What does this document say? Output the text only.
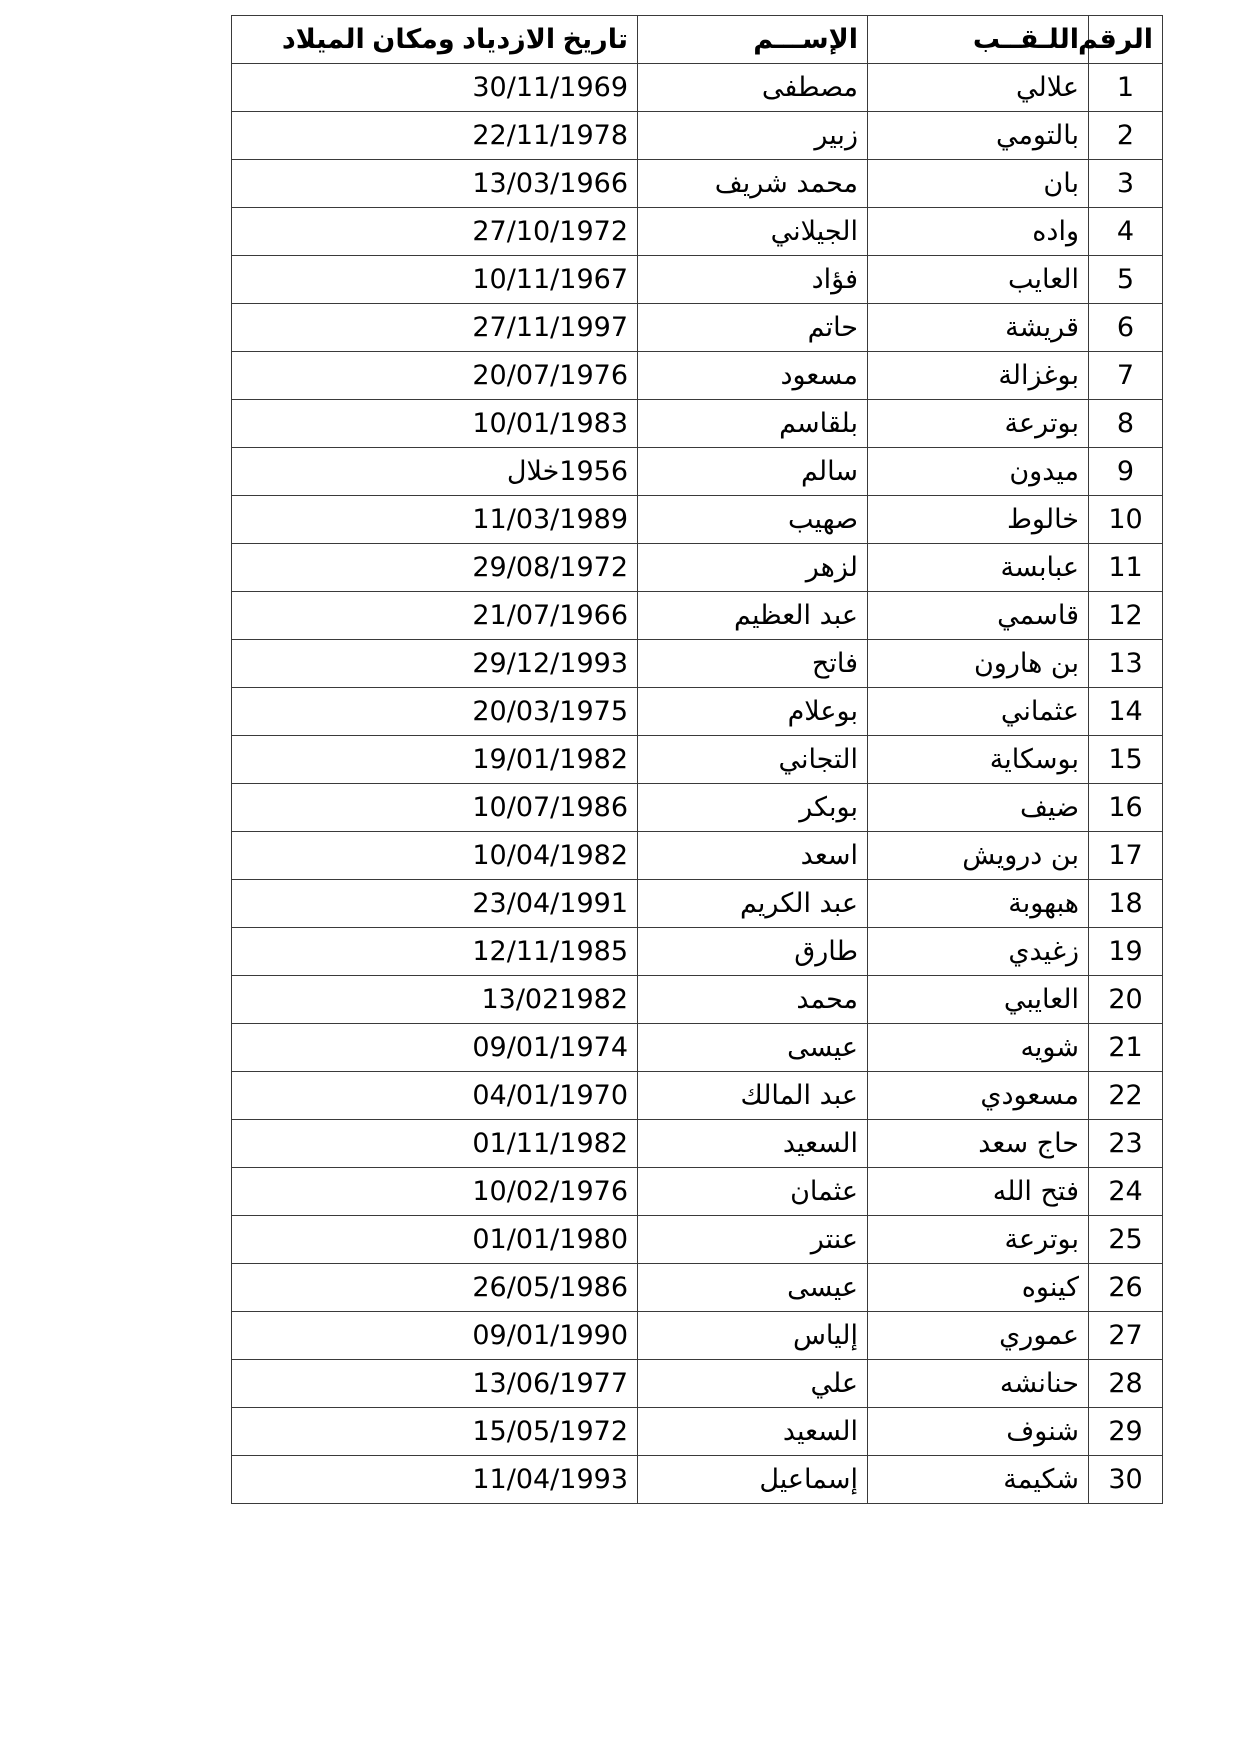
الرقم	اللـقــب	الإســـم	تاريخ الازدياد ومكان الميلاد
1	علالي	مصطفى	30/11/1969
2	بالتومي	زبير	22/11/1978
3	بان	محمد شريف	13/03/1966
4	واده	الجيلاني	27/10/1972
5	العايب	فؤاد	10/11/1967
6	قريشة	حاتم	27/11/1997
7	بوغزالة	مسعود	20/07/1976
8	بوترعة	بلقاسم	10/01/1983
9	ميدون	سالم	1956خلال
10	خالوط	صهيب	11/03/1989
11	عبابسة	لزهر	29/08/1972
12	قاسمي	عبد العظيم	21/07/1966
13	بن هارون	فاتح	29/12/1993
14	عثماني	بوعلام	20/03/1975
15	بوسكاية	التجاني	19/01/1982
16	ضيف	بوبكر	10/07/1986
17	بن درويش	اسعد	10/04/1982
18	هبهوبة	عبد الكريم	23/04/1991
19	زغيدي	طارق	12/11/1985
20	العايبي	محمد	13/021982
21	شويه	عيسى	09/01/1974
22	مسعودي	عبد المالك	04/01/1970
23	حاج سعد	السعيد	01/11/1982
24	فتح الله	عثمان	10/02/1976
25	بوترعة	عنتر	01/01/1980
26	كينوه	عيسى	26/05/1986
27	عموري	إلياس	09/01/1990
28	حنانشه	علي	13/06/1977
29	شنوف	السعيد	15/05/1972
30	شكيمة	إسماعيل	11/04/1993
